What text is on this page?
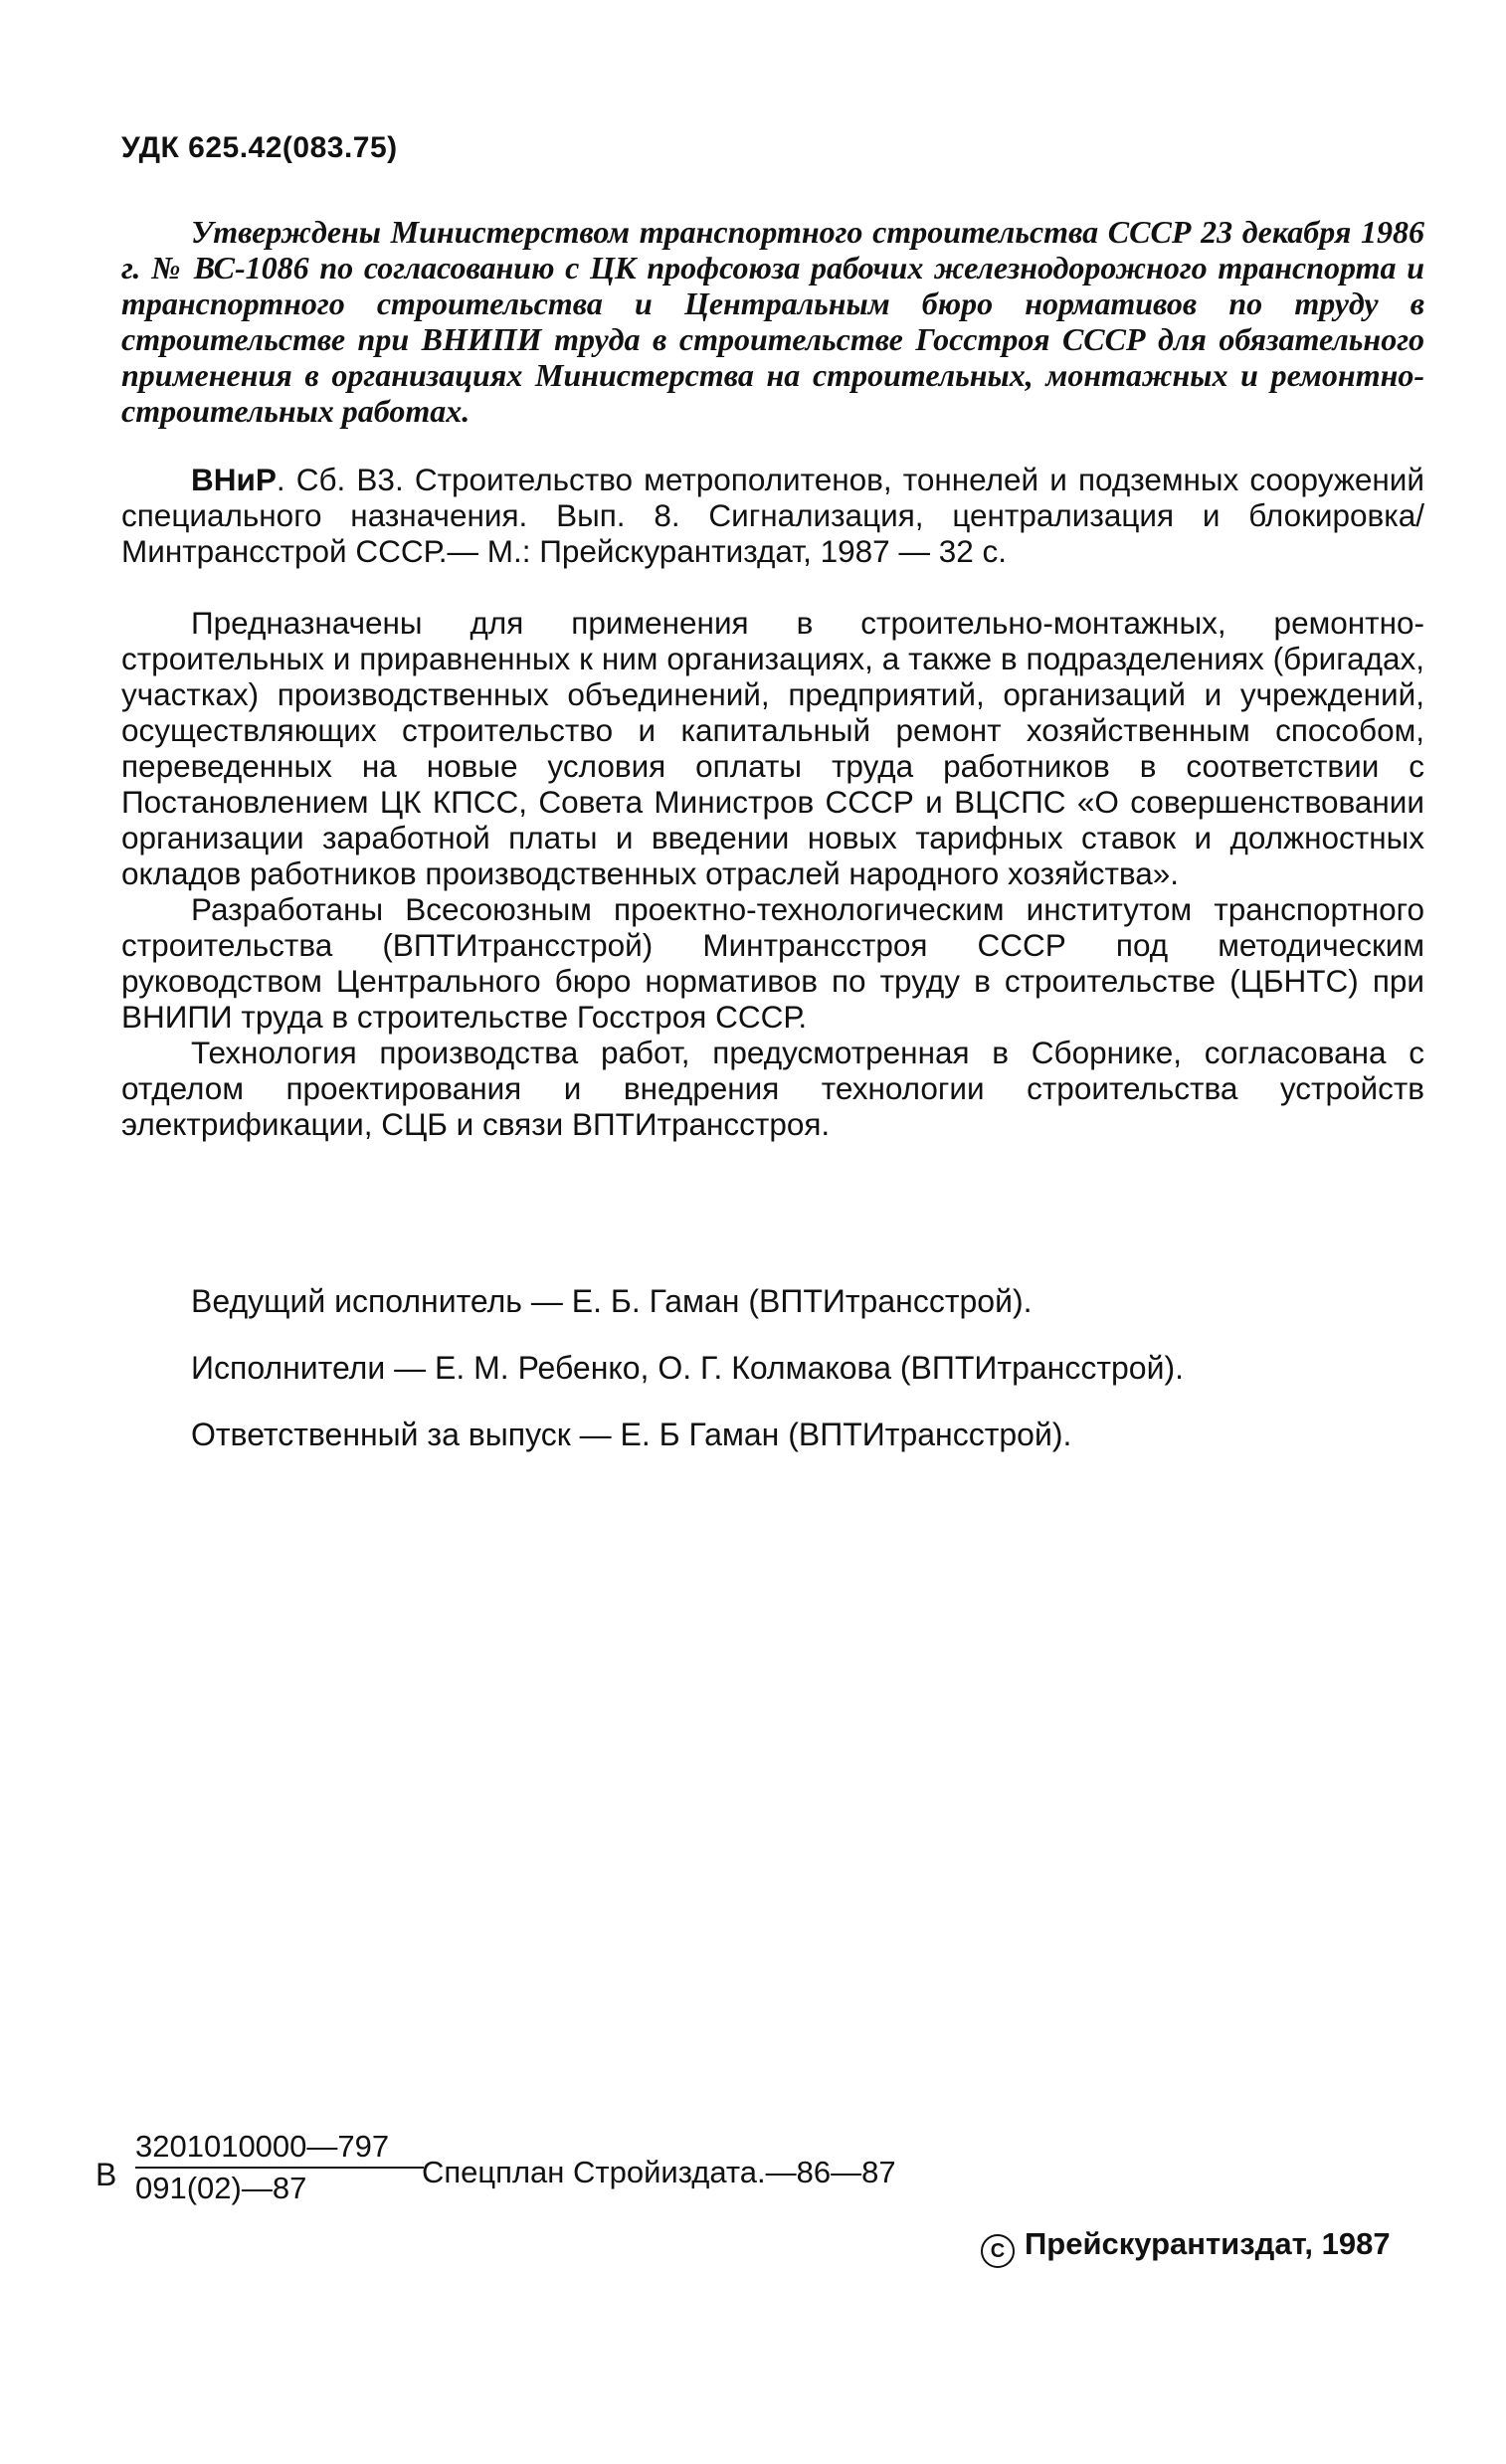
УДК 625.42(083.75)
Утверждены Министерством транспортного строительства СССР 23 декабря 1986 г. № ВС-1086 по согласованию с ЦК профсоюза рабочих железнодорожного транспорта и транспортного строительства и Центральным бюро нормативов по труду в строительстве при ВНИПИ труда в строительстве Госстроя СССР для обязательного применения в организациях Министерства на строительных, монтажных и ремонтно-строительных работах.
ВНиР. Сб. В3. Строительство метрополитенов, тоннелей и подземных сооружений специального назначения. Вып. 8. Сигнализация, централизация и блокировка/Минтрансстрой СССР.— М.: Прейскурантиздат, 1987 — 32 с.

Предназначены для применения в строительно-монтажных, ремонтно-строительных и приравненных к ним организациях, а также в подразделениях (бригадах, участках) производственных объединений, предприятий, организаций и учреждений, осуществляющих строительство и капитальный ремонт хозяйственным способом, переведенных на новые условия оплаты труда работников в соответствии с Постановлением ЦК КПСС, Совета Министров СССР и ВЦСПС «О совершенствовании организации заработной платы и введении новых тарифных ставок и должностных окладов работников производственных отраслей народного хозяйства».

Разработаны Всесоюзным проектно-технологическим институтом транспортного строительства (ВПТИтрансстрой) Минтрансстроя СССР под методическим руководством Центрального бюро нормативов по труду в строительстве (ЦБНТС) при ВНИПИ труда в строительстве Госстроя СССР.

Технология производства работ, предусмотренная в Сборнике, согласована с отделом проектирования и внедрения технологии строительства устройств электрификации, СЦБ и связи ВПТИтрансстроя.

Ведущий исполнитель — Е. Б. Гаман (ВПТИтрансстрой).
Исполнители — Е. М. Ребенко, О. Г. Колмакова (ВПТИтрансстрой).
Ответственный за выпуск — Е. Б Гаман (ВПТИтрансстрой).
В $\frac{3201010000—797}{091(02)—87}$
Спецплан Стройиздата.—86—87
C Прейскурантиздат, 1987
